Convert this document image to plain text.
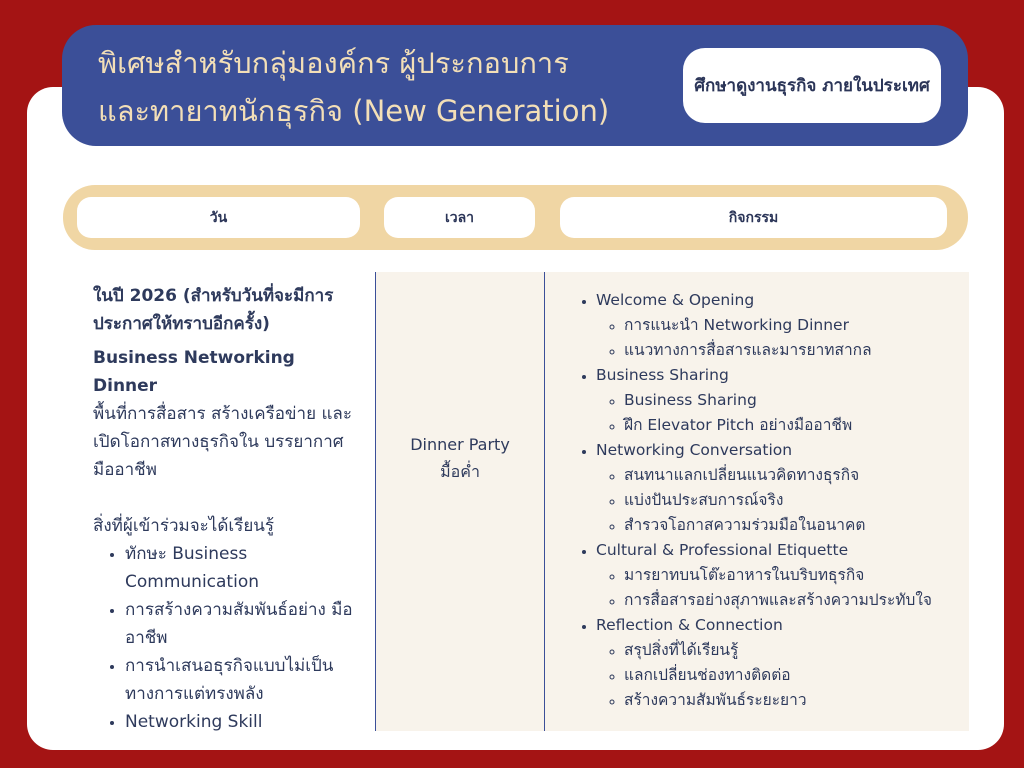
พิเศษสำหรับกลุ่มองค์กร ผู้ประกอบการ
และทายาทนักธุรกิจ (New Generation)
ศึกษาดูงานธุรกิจ ภายในประเทศ
วัน	เวลา	กิจกรรม

ในปี 2026 (สำหรับวันที่จะมีการประกาศให้ทราบอีกครั้ง)

Business Networking Dinner

พื้นที่การสื่อสาร สร้างเครือข่าย และเปิดโอกาสทางธุรกิจใน บรรยากาศมืออาชีพ

สิ่งที่ผู้เข้าร่วมจะได้เรียนรู้

• ทักษะ Business Communication
• การสร้างความสัมพันธ์อย่าง มืออาชีพ
• การนำเสนอธุรกิจแบบไม่เป็น ทางการแต่ทรงพลัง
• Networking Skill
Dinner Party
มื้อค่ำ
• Welcome & Opening
◦ การแนะนำ Networking Dinner
◦ แนวทางการสื่อสารและมารยาทสากล
• Business Sharing
◦ Business Sharing
◦ ฝึก Elevator Pitch อย่างมืออาชีพ
• Networking Conversation
◦ สนทนาแลกเปลี่ยนแนวคิดทางธุรกิจ
◦ แบ่งปันประสบการณ์จริง
◦ สำรวจโอกาสความร่วมมือในอนาคต
• Cultural & Professional Etiquette
◦ มารยาทบนโต๊ะอาหารในบริบทธุรกิจ
◦ การสื่อสารอย่างสุภาพและสร้างความประทับใจ
• Reflection & Connection
◦ สรุปสิ่งที่ได้เรียนรู้
◦ แลกเปลี่ยนช่องทางติดต่อ
◦ สร้างความสัมพันธ์ระยะยาว
